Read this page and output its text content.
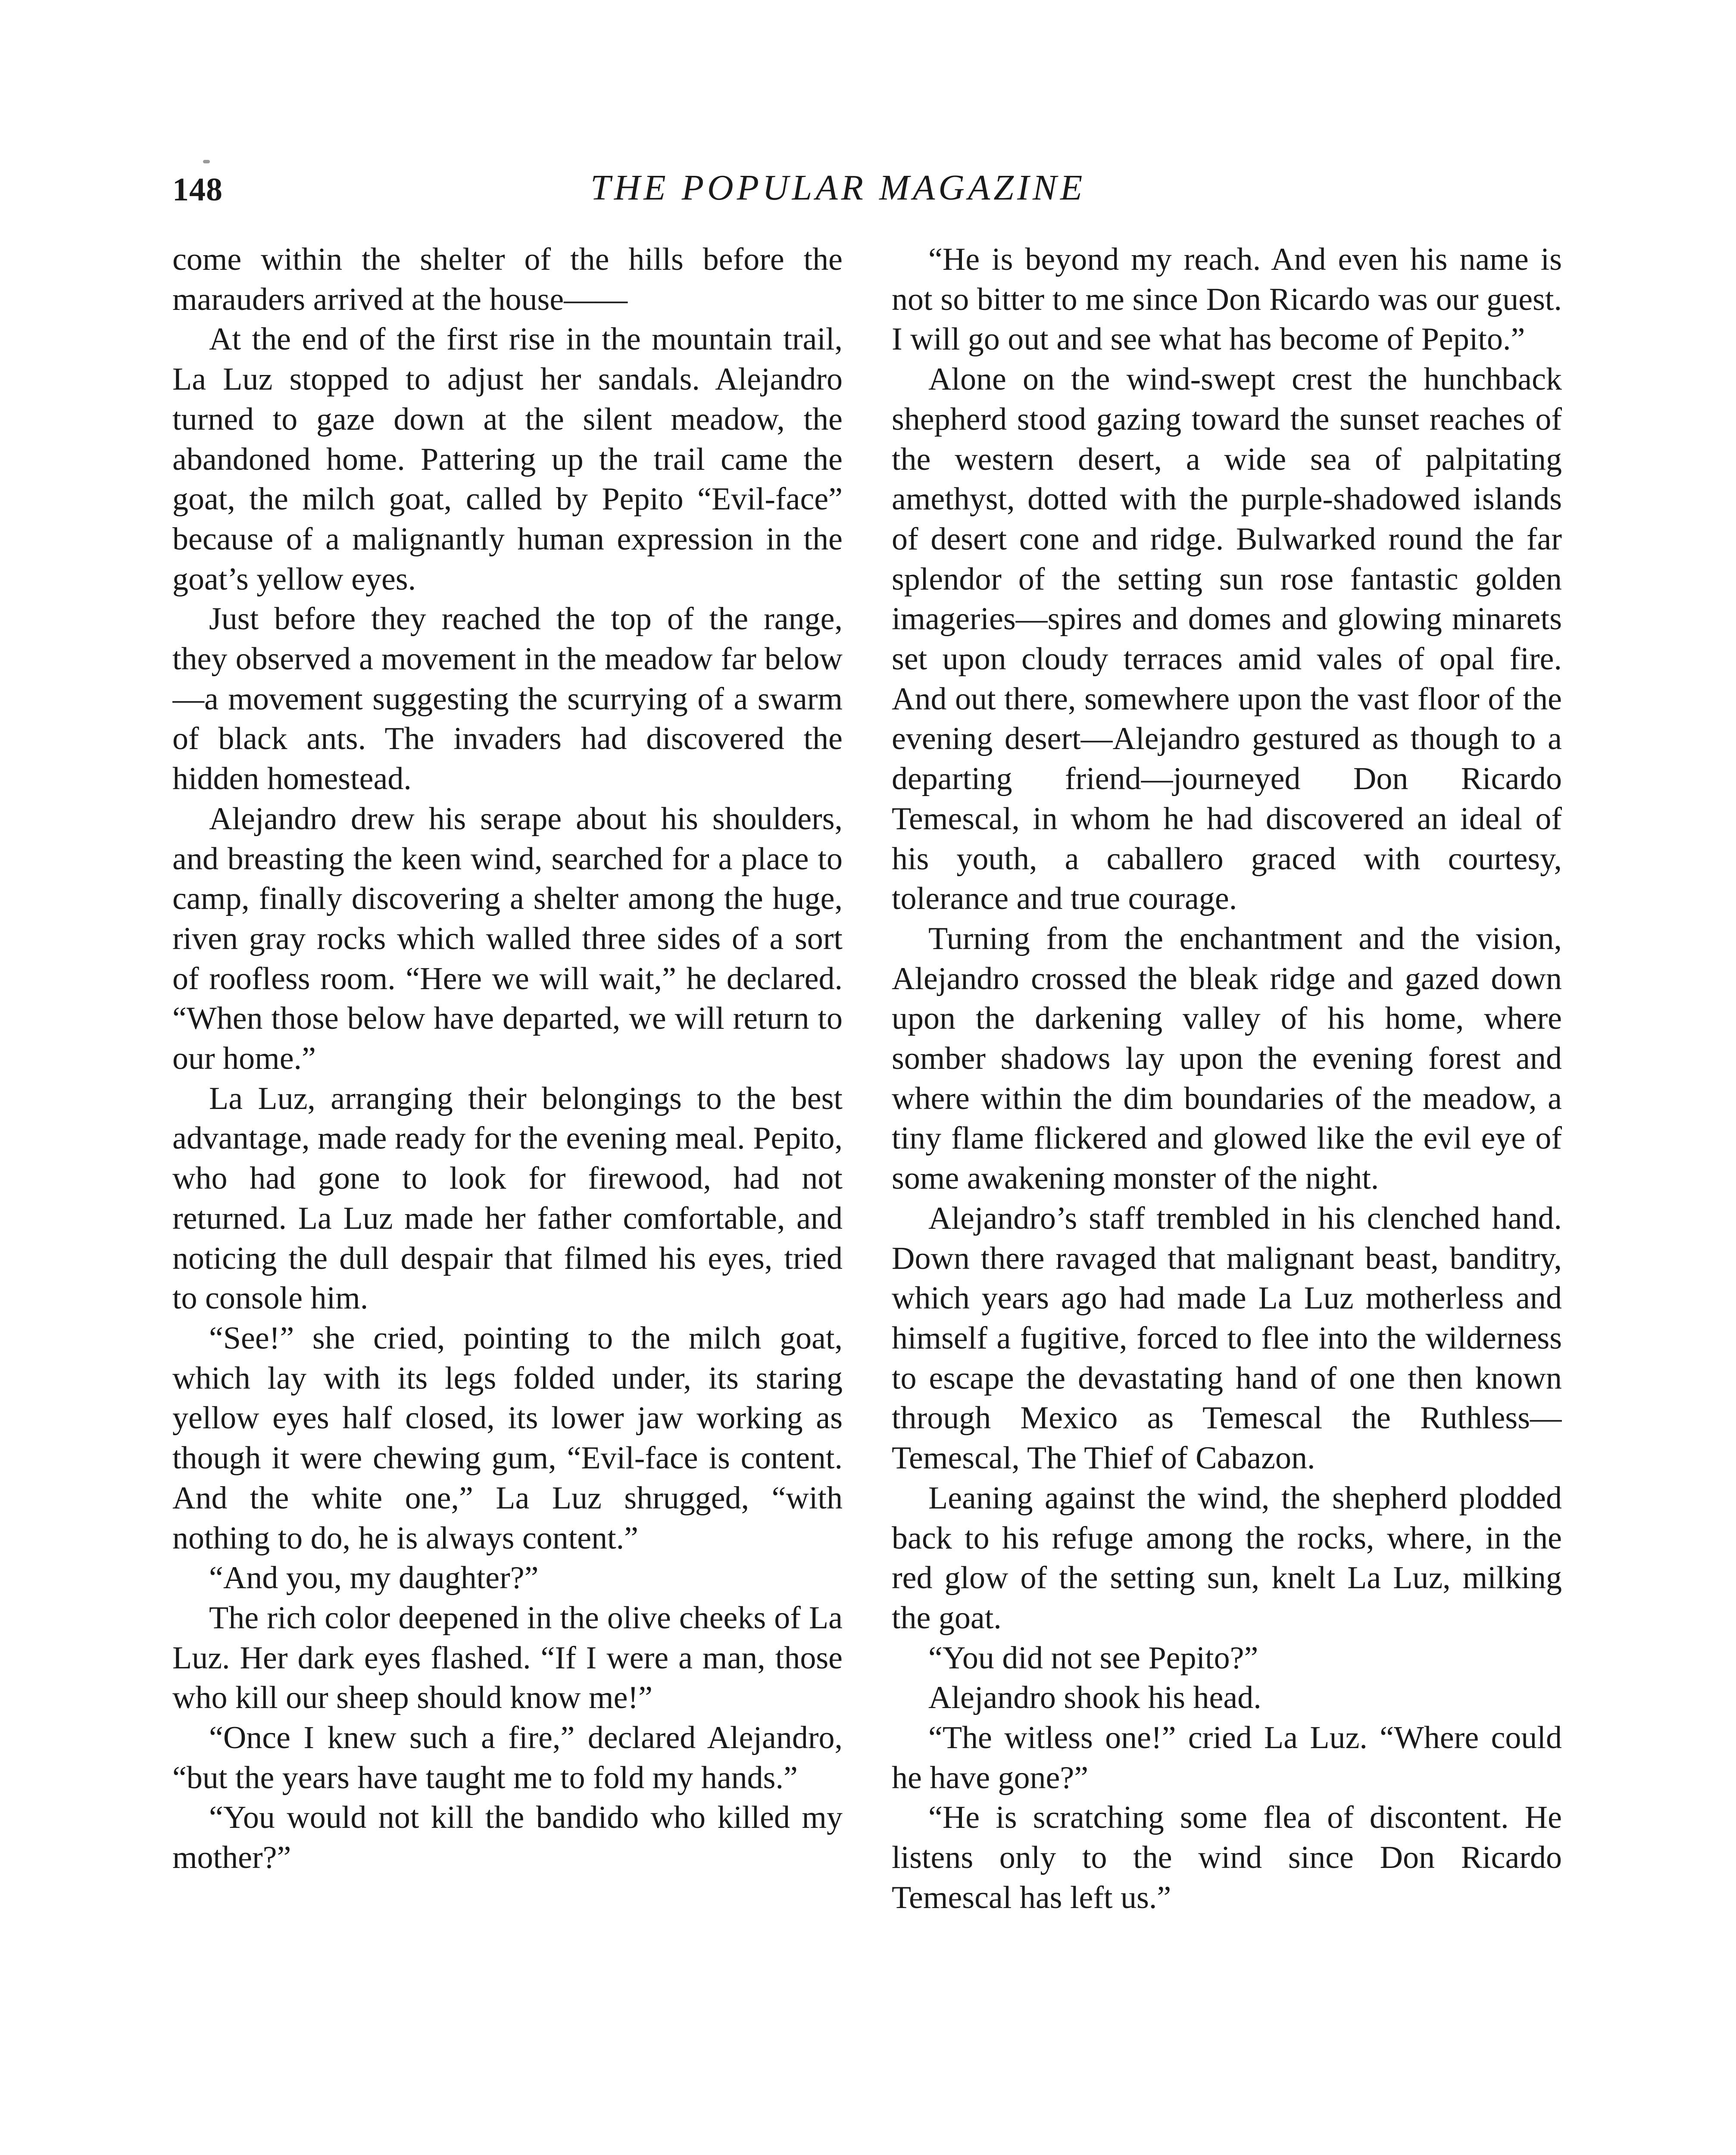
148	THE POPULAR MAGAZINE

come within the shelter of the hills before the marauders arrived at the house——

At the end of the first rise in the mountain trail, La Luz stopped to adjust her sandals. Alejandro turned to gaze down at the silent meadow, the abandoned home. Pattering up the trail came the goat, the milch goat, called by Pepito “Evil-face” because of a malignantly human expression in the goat’s yellow eyes.

Just before they reached the top of the range, they observed a movement in the meadow far below—a movement suggesting the scurrying of a swarm of black ants. The invaders had discovered the hidden homestead.

Alejandro drew his serape about his shoulders, and breasting the keen wind, searched for a place to camp, finally discovering a shelter among the huge, riven gray rocks which walled three sides of a sort of roofless room. “Here we will wait,” he declared. “When those below have departed, we will return to our home.”

La Luz, arranging their belongings to the best advantage, made ready for the evening meal. Pepito, who had gone to look for firewood, had not returned. La Luz made her father comfortable, and noticing the dull despair that filmed his eyes, tried to console him.

“See!” she cried, pointing to the milch goat, which lay with its legs folded under, its staring yellow eyes half closed, its lower jaw working as though it were chewing gum, “Evil-face is content. And the white one,” La Luz shrugged, “with nothing to do, he is always content.”

“And you, my daughter?”

The rich color deepened in the olive cheeks of La Luz. Her dark eyes flashed. “If I were a man, those who kill our sheep should know me!”

“Once I knew such a fire,” declared Alejandro, “but the years have taught me to fold my hands.”

“You would not kill the bandido who killed my mother?”

“He is beyond my reach. And even his name is not so bitter to me since Don Ricardo was our guest. I will go out and see what has become of Pepito.”

Alone on the wind-swept crest the hunchback shepherd stood gazing toward the sunset reaches of the western desert, a wide sea of palpitating amethyst, dotted with the purple-shadowed islands of desert cone and ridge. Bulwarked round the far splendor of the setting sun rose fantastic golden imageries—spires and domes and glowing minarets set upon cloudy terraces amid vales of opal fire. And out there, somewhere upon the vast floor of the evening desert—Alejandro gestured as though to a departing friend—journeyed Don Ricardo Temescal, in whom he had discovered an ideal of his youth, a caballero graced with courtesy, tolerance and true courage.

Turning from the enchantment and the vision, Alejandro crossed the bleak ridge and gazed down upon the darkening valley of his home, where somber shadows lay upon the evening forest and where within the dim boundaries of the meadow, a tiny flame flickered and glowed like the evil eye of some awakening monster of the night.

Alejandro’s staff trembled in his clenched hand. Down there ravaged that malignant beast, banditry, which years ago had made La Luz motherless and himself a fugitive, forced to flee into the wilderness to escape the devastating hand of one then known through Mexico as Temescal the Ruthless—Temescal, The Thief of Cabazon.

Leaning against the wind, the shepherd plodded back to his refuge among the rocks, where, in the red glow of the setting sun, knelt La Luz, milking the goat.

“You did not see Pepito?”

Alejandro shook his head.

“The witless one!” cried La Luz. “Where could he have gone?”

“He is scratching some flea of discontent. He listens only to the wind since Don Ricardo Temescal has left us.”
